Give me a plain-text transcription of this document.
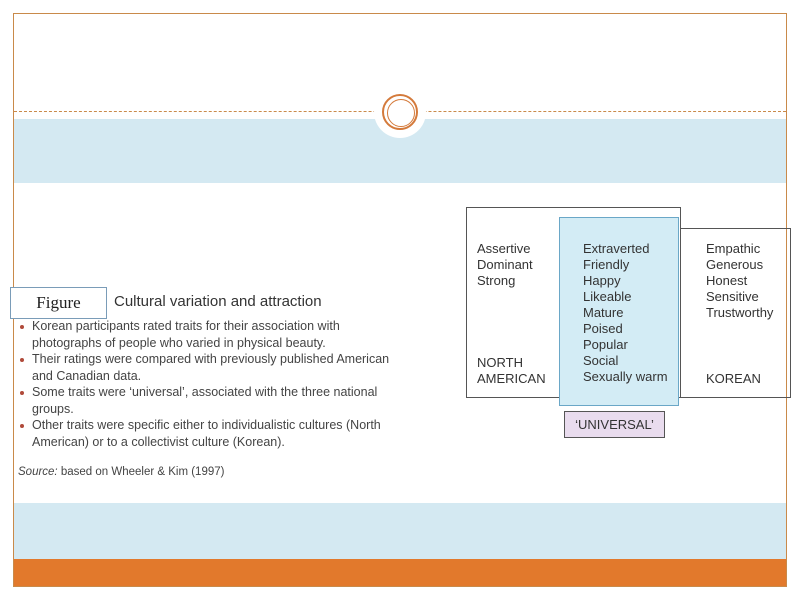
Figure	Cultural variation and attraction
Korean participants rated traits for their association with photographs of people who varied in physical beauty.
Their ratings were compared with previously published American and Canadian data.
Some traits were ‘universal’, associated with the three national groups.
Other traits were specific either to individualistic cultures (North American) or to a collectivist culture (Korean).
Source: based on Wheeler & Kim (1997)
‘UNIVERSAL’
Assertive
Dominant
Strong
NORTH
AMERICAN
Extraverted
Friendly
Happy
Likeable
Mature
Poised
Popular
Social
Sexually warm
Empathic
Generous
Honest
Sensitive
Trustworthy
KOREAN
